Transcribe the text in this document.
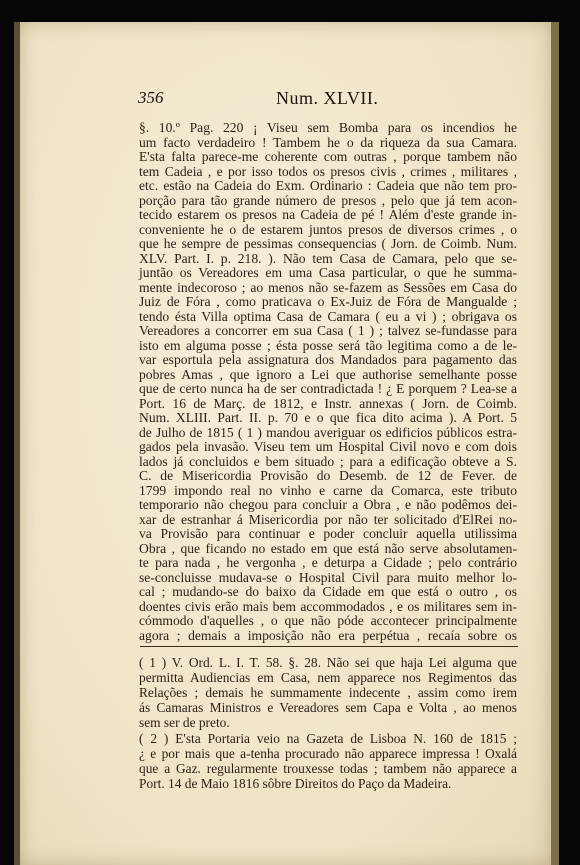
356	Num. XLVII.
§. 10.º Pag. 220 ¡ Viseu sem Bomba para os incendios he
um facto verdadeiro ! Tambem he o da riqueza da sua Camara.
E'sta falta parece-me coherente com outras , porque tambem não
tem Cadeia , e por isso todos os presos civis , crimes , militares ,
etc. estão na Cadeia do Exm. Ordinario : Cadeia que não tem pro-
porção para tão grande número de presos , pelo que já tem acon-
tecido estarem os presos na Cadeia de pé ! Além d'este grande in-
conveniente he o de estarem juntos presos de diversos crimes , o
que he sempre de pessimas consequencias ( Jorn. de Coimb. Num.
XLV. Part. I. p. 218. ). Não tem Casa de Camara, pelo que se-
juntão os Vereadores em uma Casa particular, o que he summa-
mente indecoroso ; ao menos não se-fazem as Sessões em Casa do
Juiz de Fóra , como praticava o Ex-Juiz de Fóra de Mangualde ;
tendo ésta Villa optima Casa de Camara ( eu a vi ) ; obrigava os
Vereadores a concorrer em sua Casa ( 1 ) ; talvez se-fundasse para
isto em alguma posse ; ésta posse será tão legitima como a de le-
var esportula pela assignatura dos Mandados para pagamento das
pobres Amas , que ignoro a Lei que authorise semelhante posse
que de certo nunca ha de ser contradictada ! ¿ E porquem ? Lea-se a
Port. 16 de Març. de 1812, e Instr. annexas ( Jorn. de Coimb.
Num. XLIII. Part. II. p. 70 e o que fica dito acima ). A Port. 5
de Julho de 1815 ( 1 ) mandou averiguar os edificios públicos estra-
gados pela invasão. Viseu tem um Hospital Civil novo e com dois
lados já concluidos e bem situado ; para a edificação obteve a S.
C. de Misericordia Provisão do Desemb. de 12 de Fever. de
1799 impondo real no vinho e carne da Comarca, este tributo
temporario não chegou para concluir a Obra , e não podêmos dei-
xar de estranhar á Misericordia por não ter solicitado d'ElRei no-
va Provisão para continuar e poder concluir aquella utilissima
Obra , que ficando no estado em que está não serve absolutamen-
te para nada , he vergonha , e deturpa a Cidade ; pelo contrário
se-concluisse mudava-se o Hospital Civil para muito melhor lo-
cal ; mudando-se do baixo da Cidade em que está o outro , os
doentes civis erão mais bem accommodados , e os militares sem in-
cómmodo d'aquelles , o que não póde accontecer principalmente
agora ; demais a imposição não era perpétua , recaía sobre os
( 1 ) V. Ord. L. I. T. 58. §. 28. Não sei que haja Lei alguma que
permitta Audiencias em Casa, nem apparece nos Regimentos das
Relações ; demais he summamente indecente , assim como irem
ás Camaras Ministros e Vereadores sem Capa e Volta , ao menos
sem ser de preto.
( 2 ) E'sta Portaria veio na Gazeta de Lisboa N. 160 de 1815 ;
¿ e por mais que a-tenha procurado não apparece impressa ! Oxalá
que a Gaz. regularmente trouxesse todas ; tambem não apparece a
Port. 14 de Maio 1816 sôbre Direitos do Paço da Madeira.
